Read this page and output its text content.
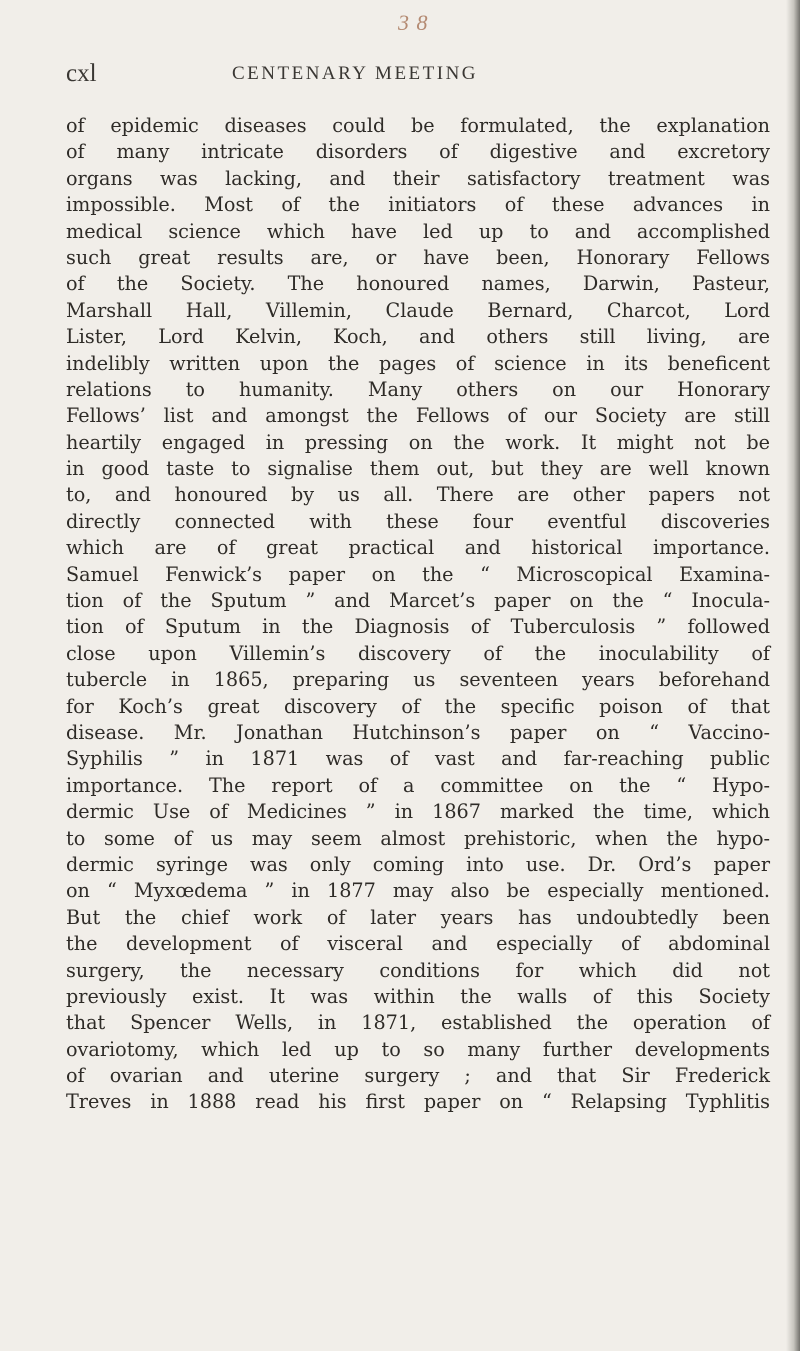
3 8
cxl	CENTENARY MEETING
of epidemic diseases could be formulated, the explanation
of many intricate disorders of digestive and excretory
organs was lacking, and their satisfactory treatment was
impossible. Most of the initiators of these advances in
medical science which have led up to and accomplished
such great results are, or have been, Honorary Fellows
of the Society. The honoured names, Darwin, Pasteur,
Marshall Hall, Villemin, Claude Bernard, Charcot, Lord
Lister, Lord Kelvin, Koch, and others still living, are
indelibly written upon the pages of science in its beneficent
relations to humanity. Many others on our Honorary
Fellows’ list and amongst the Fellows of our Society are still
heartily engaged in pressing on the work. It might not be
in good taste to signalise them out, but they are well known
to, and honoured by us all. There are other papers not
directly connected with these four eventful discoveries
which are of great practical and historical importance.
Samuel Fenwick’s paper on the “ Microscopical Examina-
tion of the Sputum ” and Marcet’s paper on the “ Inocula-
tion of Sputum in the Diagnosis of Tuberculosis ” followed
close upon Villemin’s discovery of the inoculability of
tubercle in 1865, preparing us seventeen years beforehand
for Koch’s great discovery of the specific poison of that
disease. Mr. Jonathan Hutchinson’s paper on “ Vaccino-
Syphilis ” in 1871 was of vast and far-reaching public
importance. The report of a committee on the “ Hypo-
dermic Use of Medicines ” in 1867 marked the time, which
to some of us may seem almost prehistoric, when the hypo-
dermic syringe was only coming into use. Dr. Ord’s paper
on “ Myxœdema ” in 1877 may also be especially mentioned.
But the chief work of later years has undoubtedly been
the development of visceral and especially of abdominal
surgery, the necessary conditions for which did not
previously exist. It was within the walls of this Society
that Spencer Wells, in 1871, established the operation of
ovariotomy, which led up to so many further developments
of ovarian and uterine surgery ; and that Sir Frederick
Treves in 1888 read his first paper on “ Relapsing Typhlitis
